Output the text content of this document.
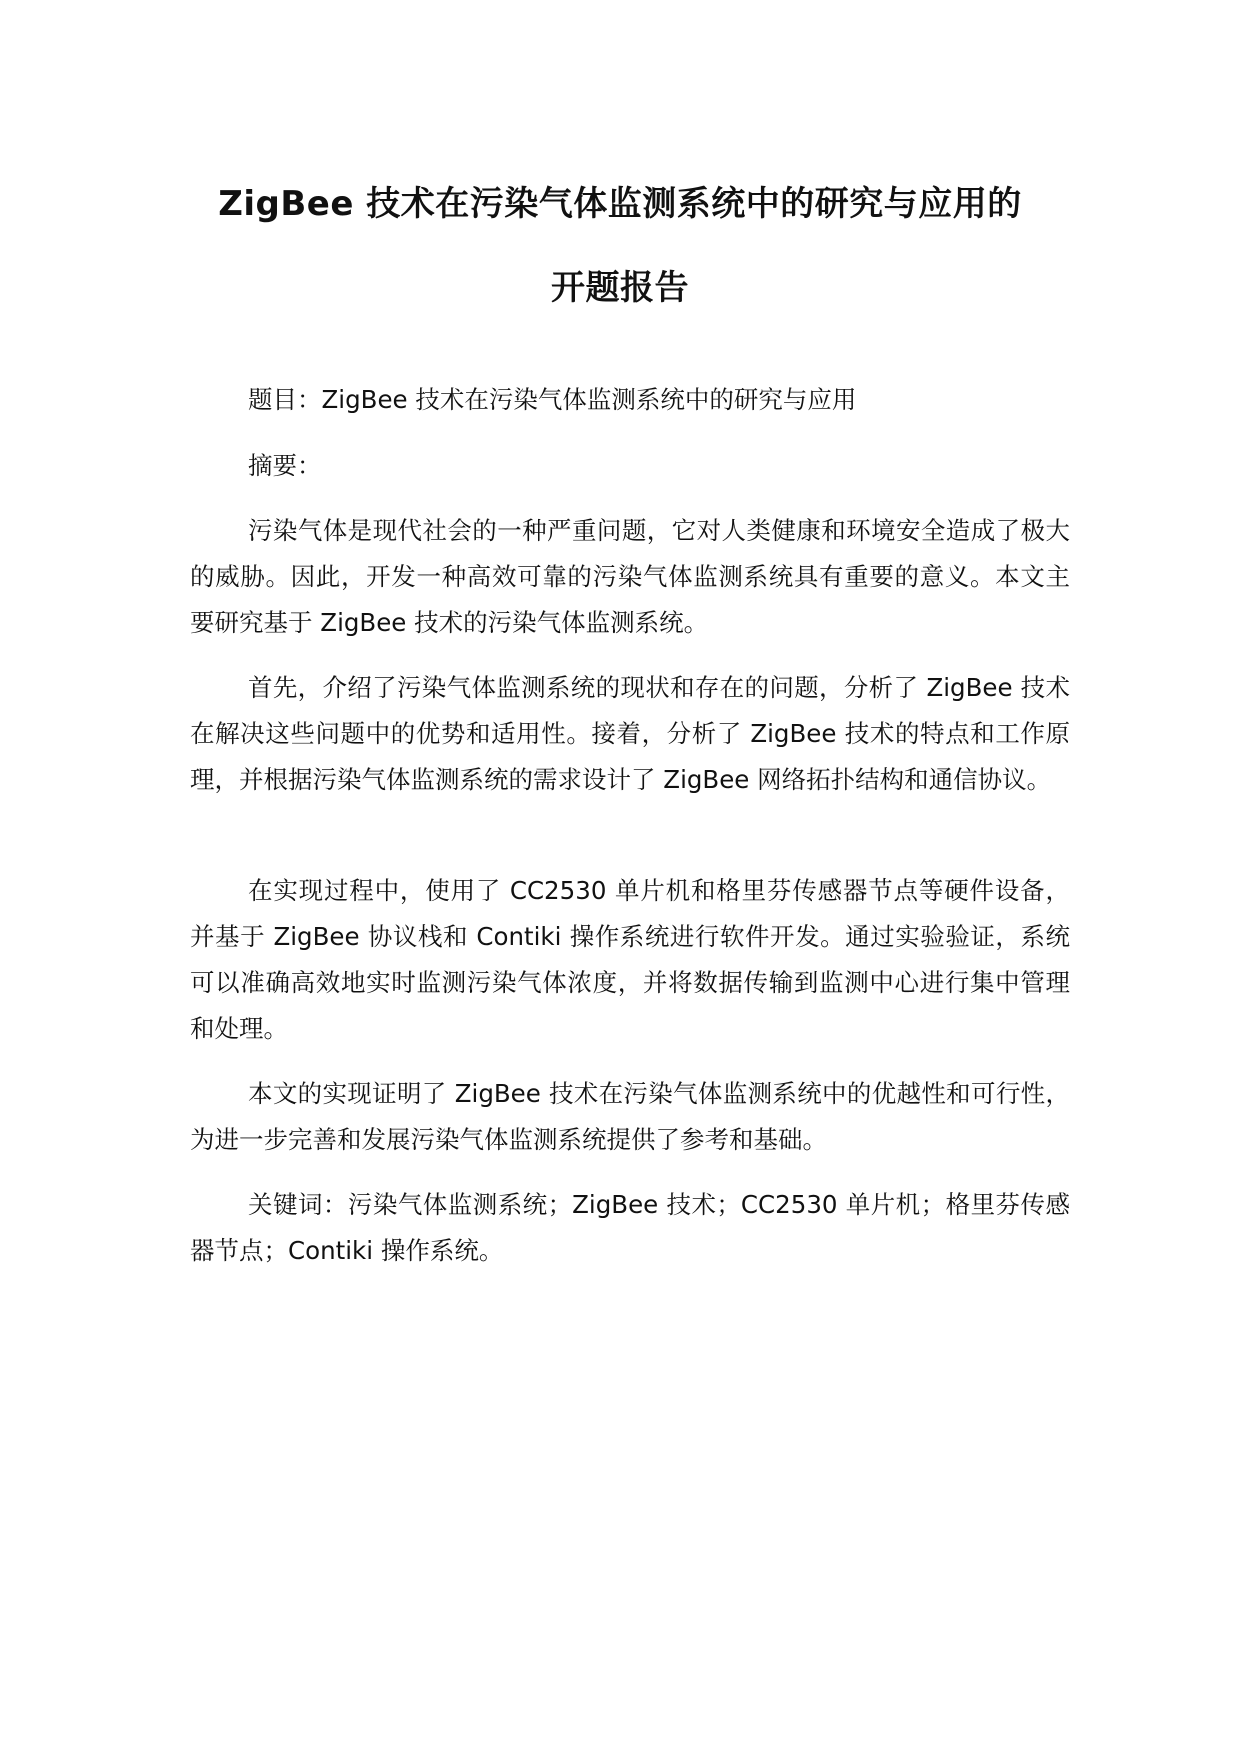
ZigBee 技术在污染气体监测系统中的研究与应用的
开题报告

题目：ZigBee 技术在污染气体监测系统中的研究与应用

摘要：

污染气体是现代社会的一种严重问题，它对人类健康和环境安全造成了极大的威胁。因此，开发一种高效可靠的污染气体监测系统具有重要的意义。本文主要研究基于 ZigBee 技术的污染气体监测系统。

首先，介绍了污染气体监测系统的现状和存在的问题，分析了 ZigBee 技术在解决这些问题中的优势和适用性。接着，分析了 ZigBee 技术的特点和工作原理，并根据污染气体监测系统的需求设计了 ZigBee 网络拓扑结构和通信协议。

在实现过程中，使用了 CC2530 单片机和格里芬传感器节点等硬件设备，并基于 ZigBee 协议栈和 Contiki 操作系统进行软件开发。通过实验验证，系统可以准确高效地实时监测污染气体浓度，并将数据传输到监测中心进行集中管理和处理。

本文的实现证明了 ZigBee 技术在污染气体监测系统中的优越性和可行性，为进一步完善和发展污染气体监测系统提供了参考和基础。

关键词：污染气体监测系统；ZigBee 技术；CC2530 单片机；格里芬传感器节点；Contiki 操作系统。
